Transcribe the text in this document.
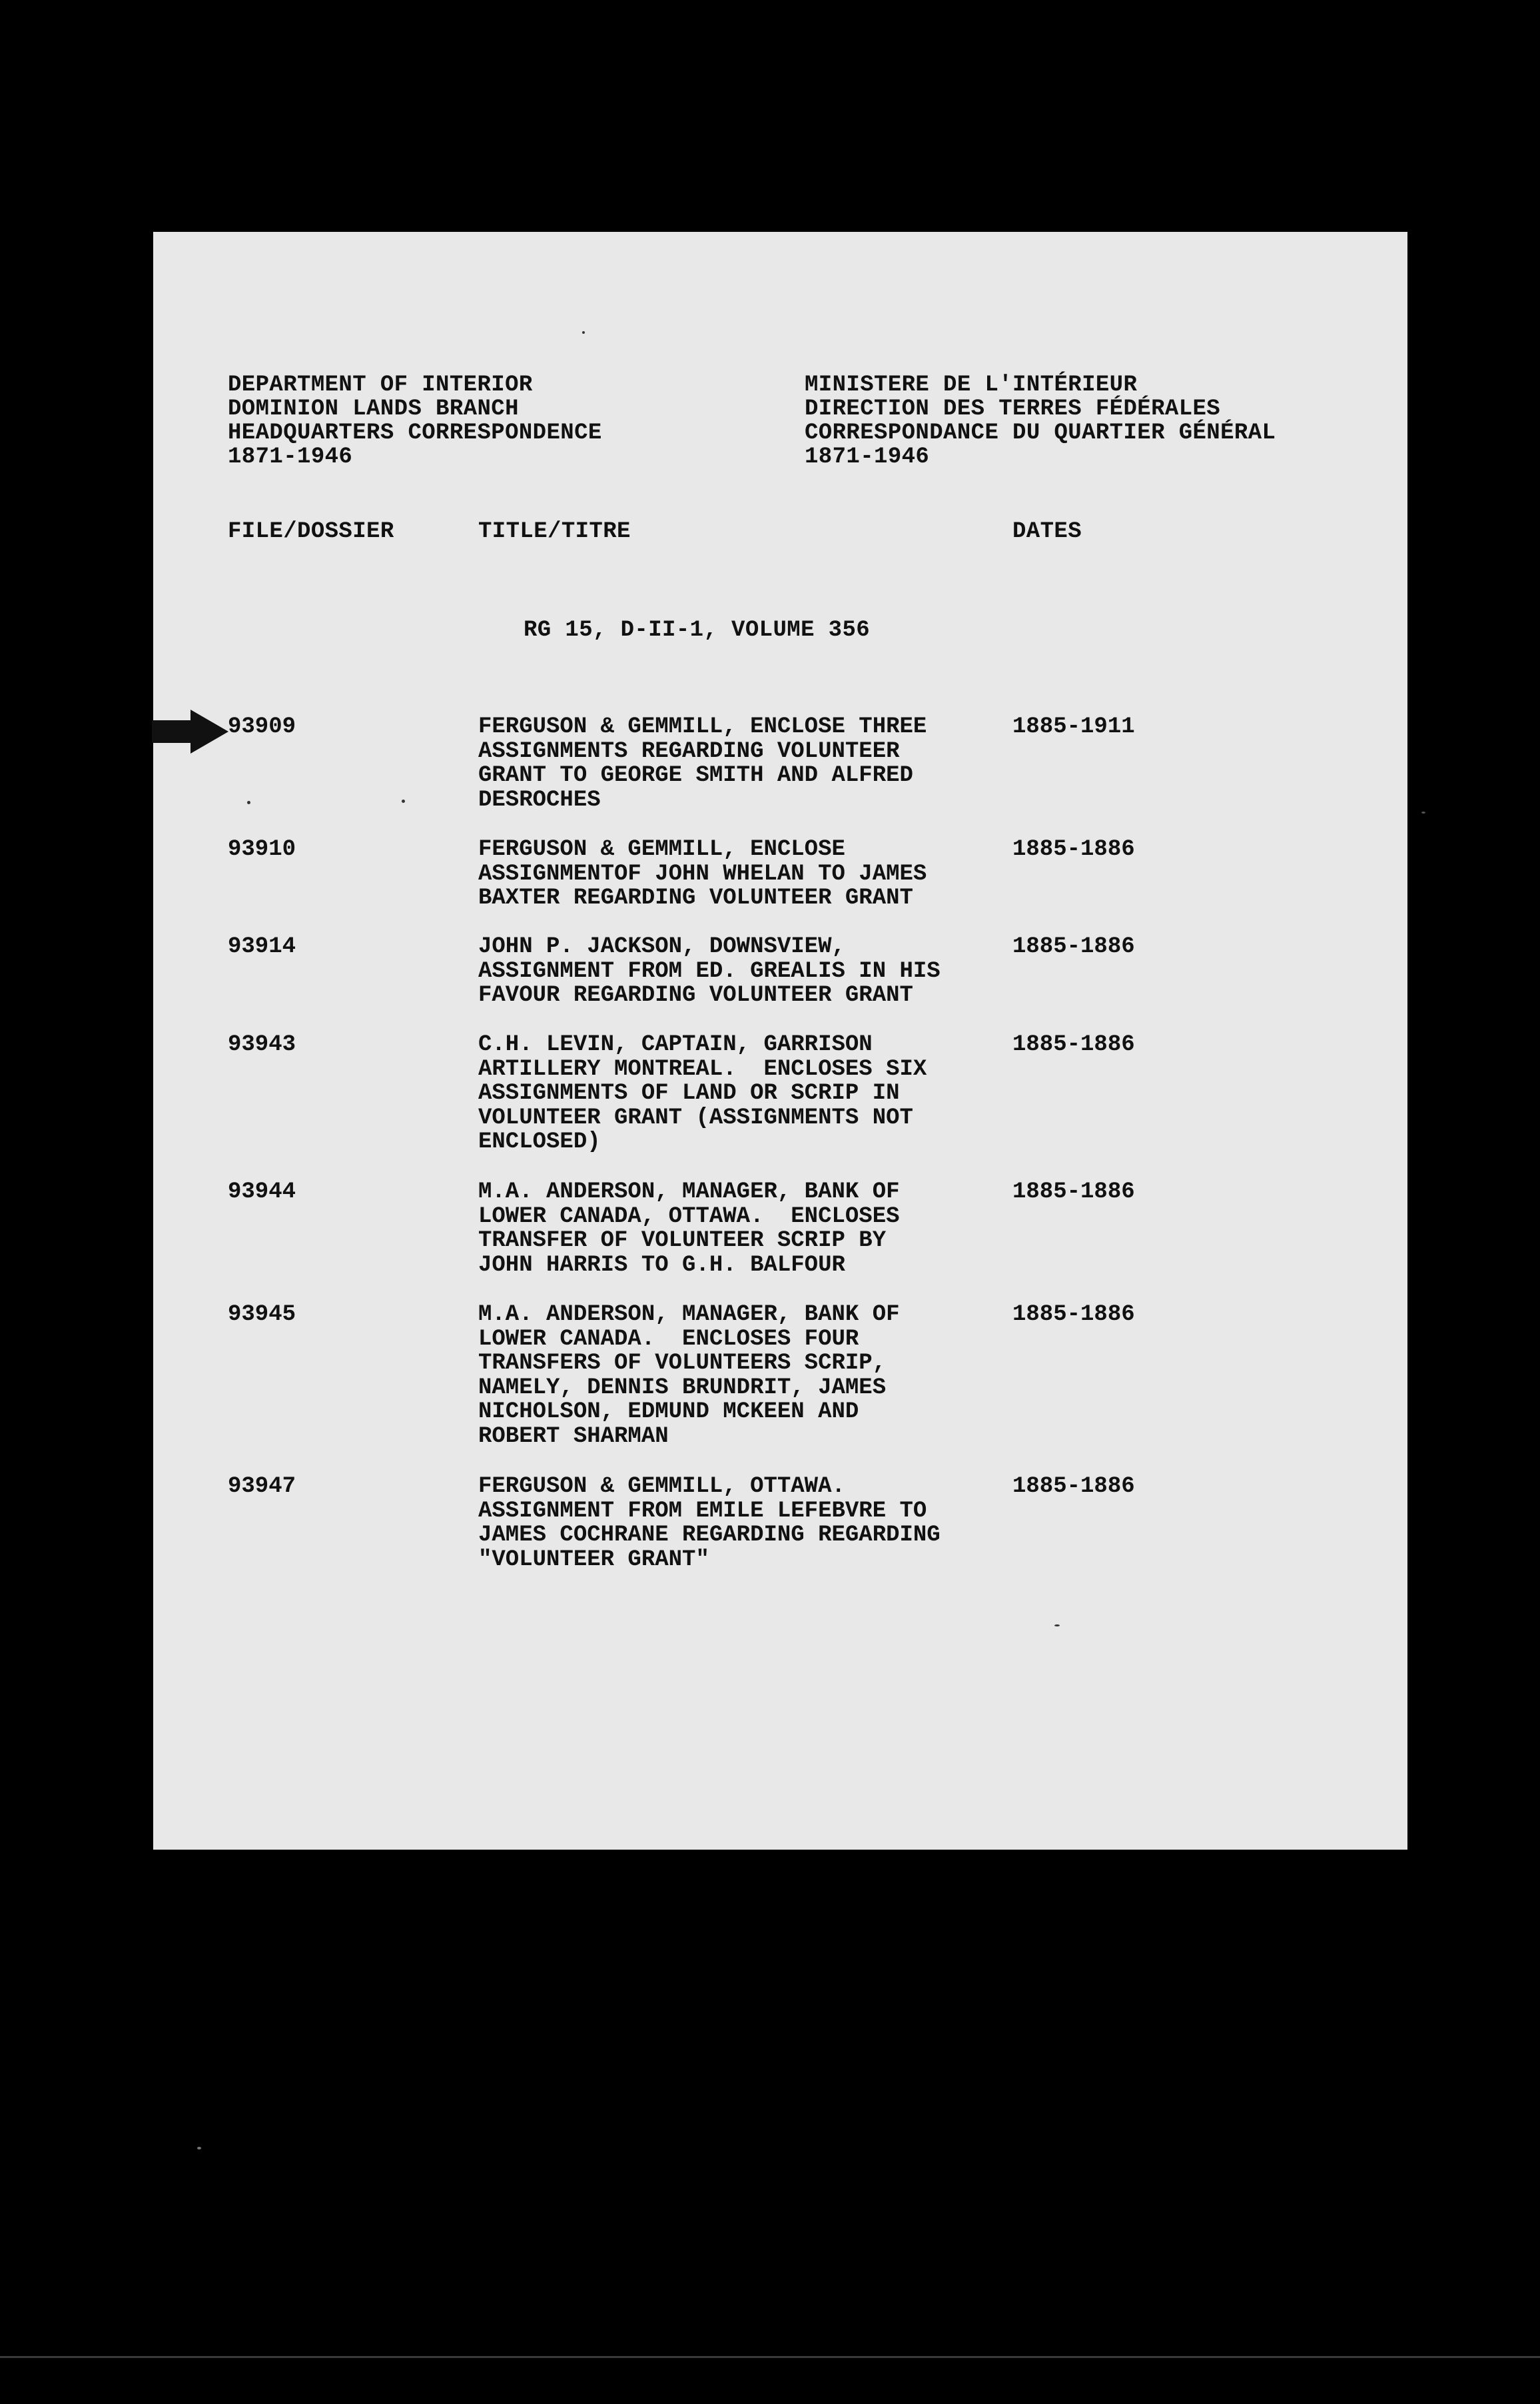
DEPARTMENT OF INTERIOR
DOMINION LANDS BRANCH
HEADQUARTERS CORRESPONDENCE
1871-1946
MINISTERE DE L'INTÉRIEUR
DIRECTION DES TERRES FÉDÉRALES
CORRESPONDANCE DU QUARTIER GÉNÉRAL
1871-1946
FILE/DOSSIER	TITLE/TITRE	DATES
RG 15, D-II-1, VOLUME 356
93909	FERGUSON & GEMMILL, ENCLOSE THREE
ASSIGNMENTS REGARDING VOLUNTEER
GRANT TO GEORGE SMITH AND ALFRED
DESROCHES
1885-1911
93910	FERGUSON & GEMMILL, ENCLOSE
ASSIGNMENTOF JOHN WHELAN TO JAMES
BAXTER REGARDING VOLUNTEER GRANT
1885-1886
93914	JOHN P. JACKSON, DOWNSVIEW,
ASSIGNMENT FROM ED. GREALIS IN HIS
FAVOUR REGARDING VOLUNTEER GRANT
1885-1886
93943	C.H. LEVIN, CAPTAIN, GARRISON
ARTILLERY MONTREAL.  ENCLOSES SIX
ASSIGNMENTS OF LAND OR SCRIP IN
VOLUNTEER GRANT (ASSIGNMENTS NOT
ENCLOSED)
1885-1886
93944	M.A. ANDERSON, MANAGER, BANK OF
LOWER CANADA, OTTAWA.  ENCLOSES
TRANSFER OF VOLUNTEER SCRIP BY
JOHN HARRIS TO G.H. BALFOUR
1885-1886
93945	M.A. ANDERSON, MANAGER, BANK OF
LOWER CANADA.  ENCLOSES FOUR
TRANSFERS OF VOLUNTEERS SCRIP,
NAMELY, DENNIS BRUNDRIT, JAMES
NICHOLSON, EDMUND MCKEEN AND
ROBERT SHARMAN
1885-1886
93947	FERGUSON & GEMMILL, OTTAWA.
ASSIGNMENT FROM EMILE LEFEBVRE TO
JAMES COCHRANE REGARDING REGARDING
"VOLUNTEER GRANT"
1885-1886
